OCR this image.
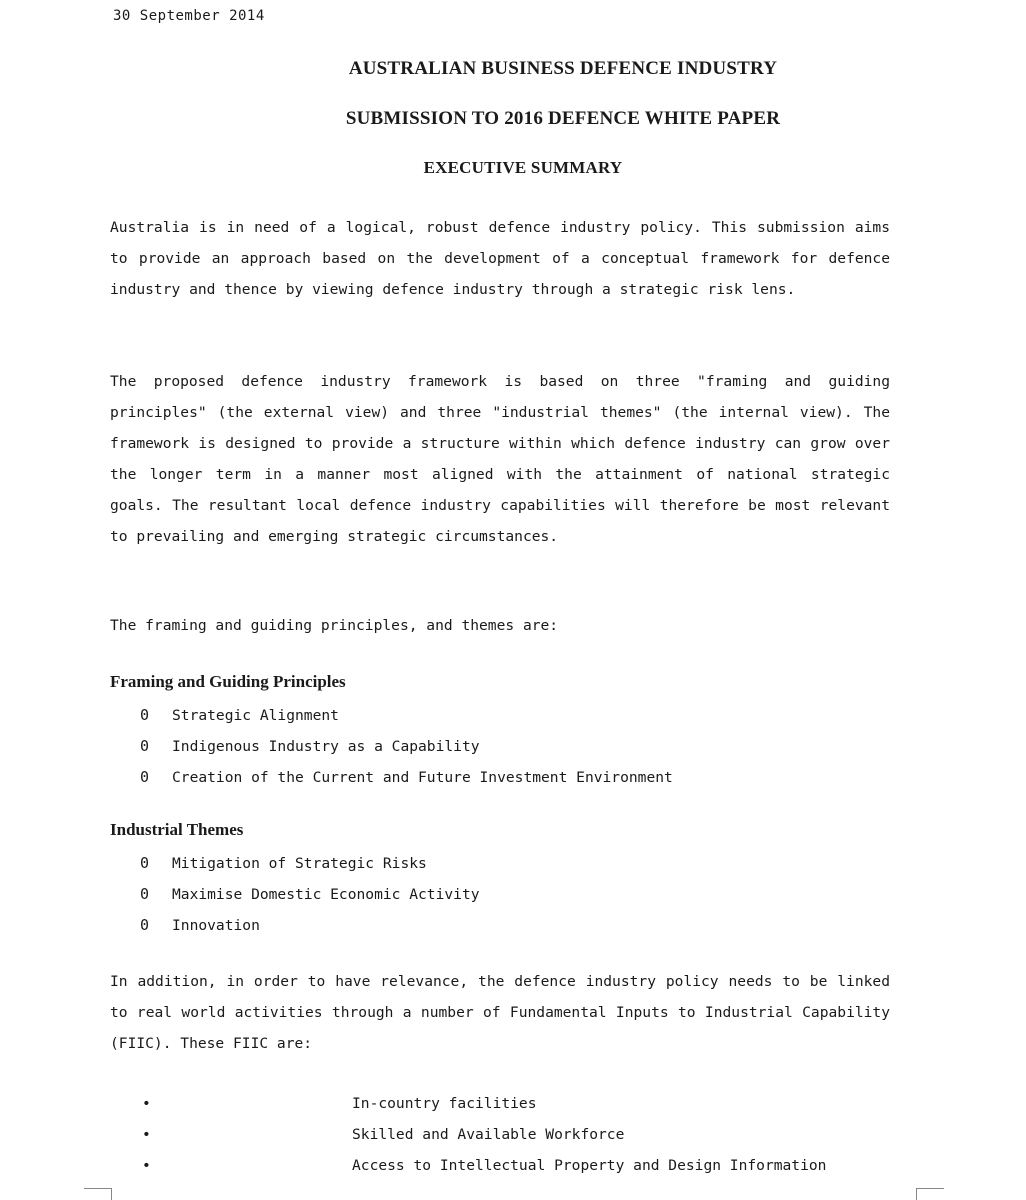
30 September 2014
AUSTRALIAN BUSINESS DEFENCE INDUSTRY
SUBMISSION TO 2016 DEFENCE WHITE PAPER
EXECUTIVE SUMMARY
Australia is in need of a logical, robust defence industry policy. This submission aims to provide an approach based on the development of a conceptual framework for defence industry and thence by viewing defence industry through a strategic risk lens.
The proposed defence industry framework is based on three "framing and guiding principles" (the external view) and three "industrial themes" (the internal view). The framework is designed to provide a structure within which defence industry can grow over the longer term in a manner most aligned with the attainment of national strategic goals. The resultant local defence industry capabilities will therefore be most relevant to prevailing and emerging strategic circumstances.
The framing and guiding principles, and themes are:
Framing and Guiding Principles
0 Strategic Alignment
0 Indigenous Industry as a Capability
0 Creation of the Current and Future Investment Environment
Industrial Themes
0 Mitigation of Strategic Risks
0 Maximise Domestic Economic Activity
0 Innovation
In addition, in order to have relevance, the defence industry policy needs to be linked to real world activities through a number of Fundamental Inputs to Industrial Capability (FIIC). These FIIC are:
•	In-country facilities
•	Skilled and Available Workforce
•	Access to Intellectual Property and Design Information
